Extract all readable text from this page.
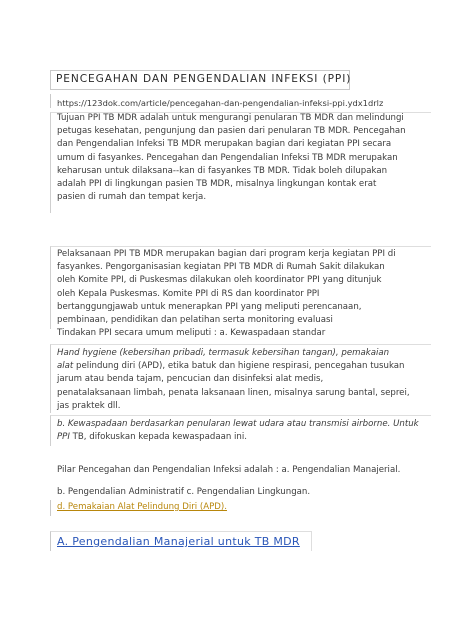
PENCEGAHAN DAN PENGENDALIAN INFEKSI (PPI)
https://123dok.com/article/pencegahan-dan-pengendalian-infeksi-ppi.ydx1drlz
Tujuan PPI TB MDR adalah untuk mengurangi penularan TB MDR dan melindungi
petugas kesehatan, pengunjung dan pasien dari penularan TB MDR. Pencegahan
dan Pengendalian Infeksi TB MDR merupakan bagian dari kegiatan PPI secara
umum di fasyankes. Pencegahan dan Pengendalian Infeksi TB MDR merupakan
keharusan untuk dilaksana--kan di fasyankes TB MDR. Tidak boleh dilupakan
adalah PPI di lingkungan pasien TB MDR, misalnya lingkungan kontak erat
pasien di rumah dan tempat kerja.
Pelaksanaan PPI TB MDR merupakan bagian dari program kerja kegiatan PPI di
fasyankes. Pengorganisasian kegiatan PPI TB MDR di Rumah Sakit dilakukan
oleh Komite PPI, di Puskesmas dilakukan oleh koordinator PPI yang ditunjuk
oleh Kepala Puskesmas. Komite PPI di RS dan koordinator PPI
bertanggungjawab untuk menerapkan PPI yang meliputi perencanaan,
pembinaan, pendidikan dan pelatihan serta monitoring evaluasi
Tindakan PPI secara umum meliputi : a. Kewaspadaan standar
Hand hygiene (kebersihan pribadi, termasuk kebersihan tangan), pemakaian
alat pelindung diri (APD), etika batuk dan higiene respirasi, pencegahan tusukan
jarum atau benda tajam, pencucian dan disinfeksi alat medis,
penatalaksanaan limbah, penata laksanaan linen, misalnya sarung bantal, seprei,
jas praktek dll.
b. Kewaspadaan berdasarkan penularan lewat udara atau transmisi airborne. Untuk
PPI TB, difokuskan kepada kewaspadaan ini.
Pilar Pencegahan dan Pengendalian Infeksi adalah : a. Pengendalian Manajerial.
b. Pengendalian Administratif c. Pengendalian Lingkungan.
d. Pemakaian Alat Pelindung Diri (APD).
A. Pengendalian Manajerial untuk TB MDR
